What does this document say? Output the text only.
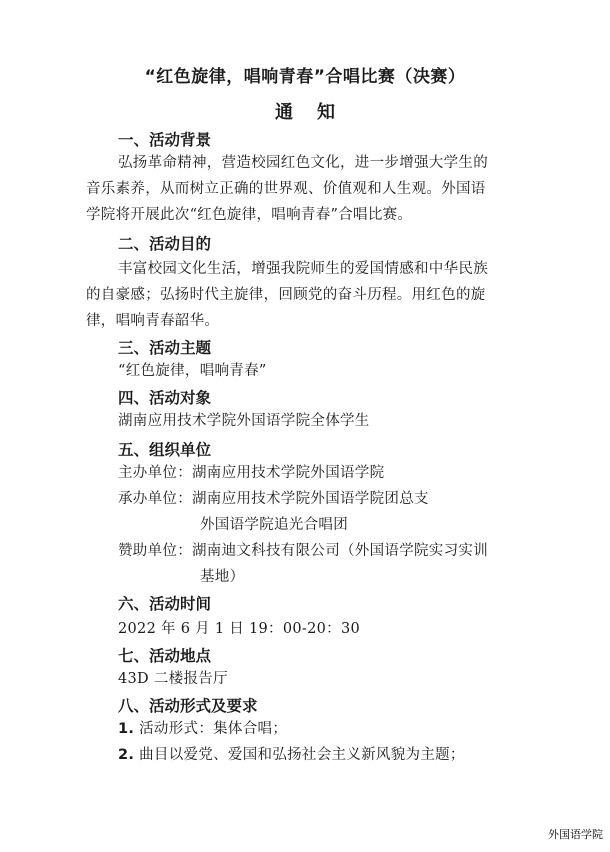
“红色旋律，唱响青春”合唱比赛（决赛）
通 知
一、活动背景
弘扬革命精神，营造校园红色文化，进一步增强大学生的
音乐素养，从而树立正确的世界观、价值观和人生观。外国语
学院将开展此次“红色旋律，唱响青春”合唱比赛。
二、活动目的
丰富校园文化生活，增强我院师生的爱国情感和中华民族
的自豪感；弘扬时代主旋律，回顾党的奋斗历程。用红色的旋
律，唱响青春韶华。
三、活动主题
“红色旋律，唱响青春”
四、活动对象
湖南应用技术学院外国语学院全体学生
五、组织单位
主办单位：湖南应用技术学院外国语学院
承办单位：湖南应用技术学院外国语学院团总支
外国语学院追光合唱团
赞助单位：湖南迪文科技有限公司（外国语学院实习实训
基地）
六、活动时间
2022 年 6 月 1 日 19：00-20：30
七、活动地点
43D 二楼报告厅
八、活动形式及要求
1. 活动形式：集体合唱；
2. 曲目以爱党、爱国和弘扬社会主义新风貌为主题；
外国语学院
